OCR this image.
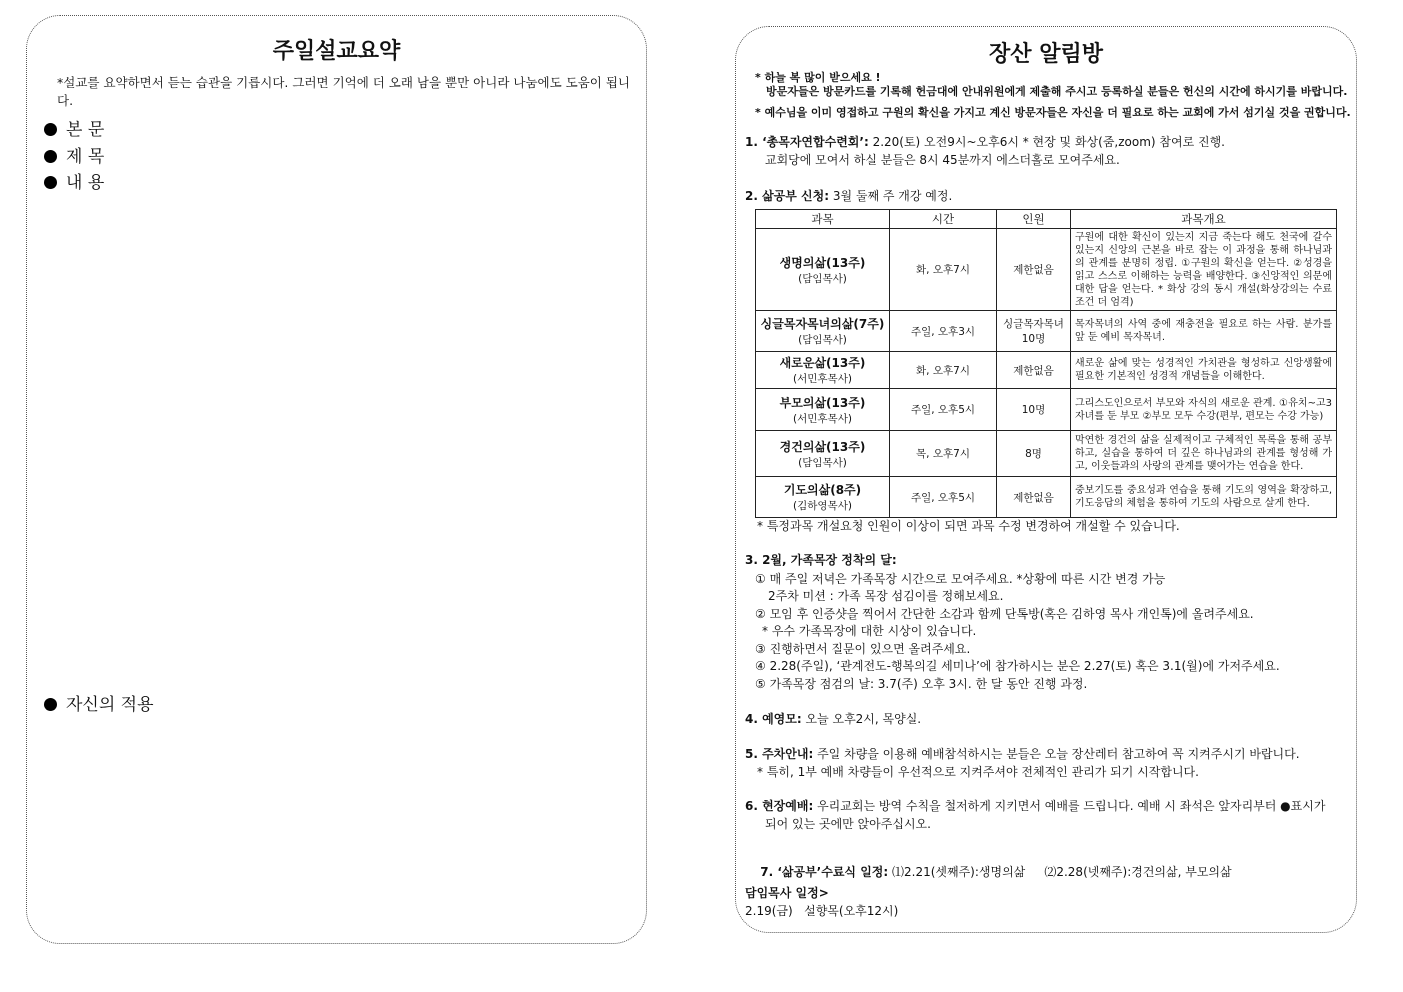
주일설교요약
*설교를 요약하면서 듣는 습관을 기릅시다. 그러면 기억에 더 오래 남을 뿐만 아니라 나눔에도 도움이 됩니다.
본 문
제 목
내 용
자신의 적용
장산 알림방
* 하늘 복 많이 받으세요 !
방문자들은 방문카드를 기록해 헌금대에 안내위원에게 제출해 주시고 등록하실 분들은 헌신의 시간에 하시기를 바랍니다.
* 예수님을 이미 영접하고 구원의 확신을 가지고 계신 방문자들은 자신을 더 필요로 하는 교회에 가서 섬기실 것을 권합니다.
1. ‘총목자연합수련회’: 2.20(토) 오전9시~오후6시 * 현장 및 화상(줌,zoom) 참여로 진행.
교회당에 모여서 하실 분들은 8시 45분까지 에스더홀로 모여주세요.
2. 삶공부 신청: 3월 둘째 주 개강 예정.
과목	시간	인원	과목개요

생명의삶(13주)
(담임목사)	화, 오후7시	제한없음	구원에 대한 확신이 있는지 지금 죽는다 해도 천국에 갈수 있는지 신앙의 근본을 바로 잡는 이 과정을 통해 하나님과의 관계를 분명히 정립. ①구원의 확신을 얻는다. ②성경을 읽고 스스로 이해하는 능력을 배양한다. ③신앙적인 의문에 대한 답을 얻는다. * 화상 강의 동시 개설(화상강의는 수료조건 더 엄격)

싱글목자목녀의삶(7주)
(담임목사)	주일, 오후3시	싱글목자목녀 10명	목자목녀의 사역 중에 재충전을 필요로 하는 사람. 분가를 앞 둔 예비 목자목녀.

새로운삶(13주)
(서민후목사)	화, 오후7시	제한없음	새로운 삶에 맞는 성경적인 가치관을 형성하고 신앙생활에 필요한 기본적인 성경적 개념들을 이해한다.

부모의삶(13주)
(서민후목사)	주일, 오후5시	10명	그리스도인으로서 부모와 자식의 새로운 관계. ①유치~고3 자녀를 둔 부모 ②부모 모두 수강(편부, 편모는 수강 가능)

경건의삶(13주)
(담임목사)	목, 오후7시	8명	막연한 경건의 삶을 실제적이고 구체적인 목록을 통해 공부하고, 실습을 통하여 더 깊은 하나님과의 관계를 형성해 가고, 이웃들과의 사랑의 관계를 맺어가는 연습을 한다.

기도의삶(8주)
(김하영목사)	주일, 오후5시	제한없음	중보기도를 중요성과 연습을 통해 기도의 영역을 확장하고, 기도응답의 체험을 통하여 기도의 사람으로 살게 한다.
* 특정과목 개설요청 인원이 이상이 되면 과목 수정 변경하여 개설할 수 있습니다.
3. 2월, 가족목장 정착의 달:
① 매 주일 저녁은 가족목장 시간으로 모여주세요. *상황에 따른 시간 변경 가능
2주차 미션 : 가족 목장 섬김이를 정해보세요.
② 모임 후 인증샷을 찍어서 간단한 소감과 함께 단톡방(혹은 김하영 목사 개인톡)에 올려주세요.
* 우수 가족목장에 대한 시상이 있습니다.
③ 진행하면서 질문이 있으면 올려주세요.
④ 2.28(주일), ‘관계전도-행복의길 세미나’에 참가하시는 분은 2.27(토) 혹은 3.1(월)에 가저주세요.
⑤ 가족목장 점검의 날: 3.7(주) 오후 3시. 한 달 동안 진행 과정.
4. 예영모: 오늘 오후2시, 목양실.
5. 주차안내: 주일 차량을 이용해 예배참석하시는 분들은 오늘 장산레터 참고하여 꼭 지켜주시기 바랍니다.
* 특히, 1부 예배 차량들이 우선적으로 지켜주셔야 전체적인 관리가 되기 시작합니다.
6. 현장예배: 우리교회는 방역 수칙을 철저하게 지키면서 예배를 드립니다. 예배 시 좌석은 앞자리부터 ●표시가
되어 있는 곳에만 앉아주십시오.

7. ‘삶공부’수료식 일정: ⑴2.21(셋째주):생명의삶     ⑵2.28(넷째주):경건의삶, 부모의삶

담임목사 일정>
2.19(금)   설향목(오후12시)
